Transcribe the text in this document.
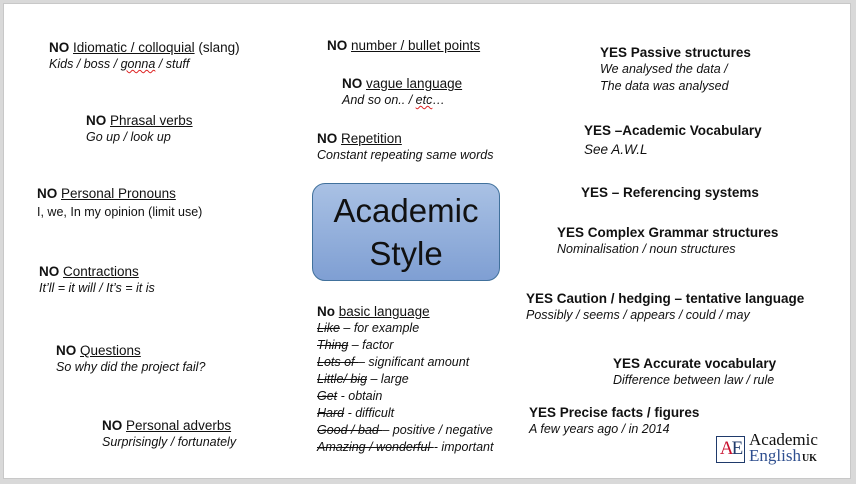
NO Idiomatic / colloquial (slang)
Kids / boss / gonna / stuff
NO Phrasal verbs
Go up / look up
NO Personal Pronouns
I, we, In my opinion (limit use)
NO Contractions
It’ll = it will / It’s = it is
NO Questions
So why did the project fail?
NO Personal adverbs
Surprisingly / fortunately
NO number / bullet points
NO vague language
And so on.. / etc…
NO Repetition
Constant repeating same words
Academic
Style
No basic language
Like – for example
Thing – factor
Lots of – significant amount
Little/ big – large
Get - obtain
Hard - difficult
Good / bad – positive / negative
Amazing / wonderful - important
YES Passive structures
We analysed the data /
The data was analysed
YES –Academic Vocabulary
See A.W.L
YES – Referencing systems
YES Complex Grammar structures
Nominalisation / noun structures
YES Caution / hedging – tentative language
Possibly / seems / appears / could / may
YES Accurate vocabulary
Difference between law / rule
YES Precise facts / figures
A few years ago / in 2014
AE Academic
EnglishUK
